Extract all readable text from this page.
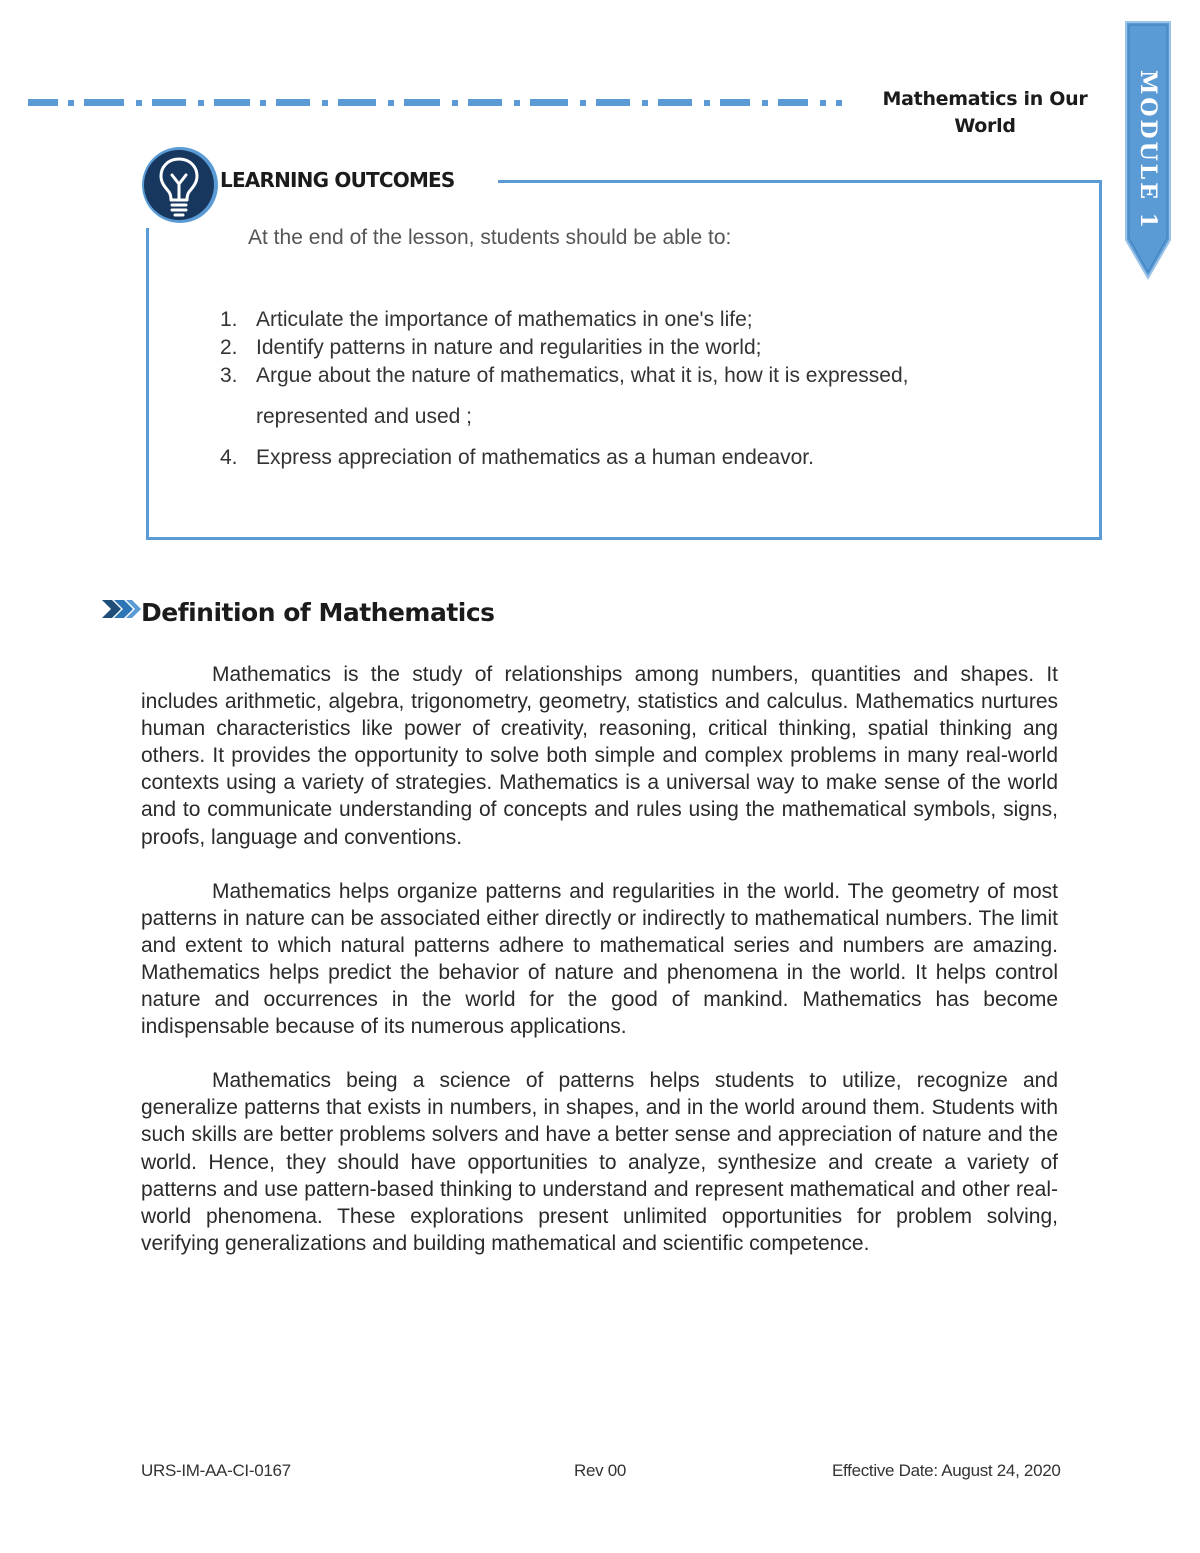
Mathematics in Our World	MODULE 1
LEARNING OUTCOMES
At the end of the lesson, students should be able to:
1. Articulate the importance of mathematics in one's life;
2. Identify patterns in nature and regularities in the world;
3. Argue about the nature of mathematics, what it is, how it is expressed, represented and used ;
4. Express appreciation of mathematics as a human endeavor.
Definition of Mathematics

Mathematics is the study of relationships among numbers, quantities and shapes. It includes arithmetic, algebra, trigonometry, geometry, statistics and calculus. Mathematics nurtures human characteristics like power of creativity, reasoning, critical thinking, spatial thinking ang others. It provides the opportunity to solve both simple and complex problems in many real-world contexts using a variety of strategies. Mathematics is a universal way to make sense of the world and to communicate understanding of concepts and rules using the mathematical symbols, signs, proofs, language and conventions.

Mathematics helps organize patterns and regularities in the world. The geometry of most patterns in nature can be associated either directly or indirectly to mathematical numbers. The limit and extent to which natural patterns adhere to mathematical series and numbers are amazing. Mathematics helps predict the behavior of nature and phenomena in the world. It helps control nature and occurrences in the world for the good of mankind. Mathematics has become indispensable because of its numerous applications.

Mathematics being a science of patterns helps students to utilize, recognize and generalize patterns that exists in numbers, in shapes, and in the world around them. Students with such skills are better problems solvers and have a better sense and appreciation of nature and the world. Hence, they should have opportunities to analyze, synthesize and create a variety of patterns and use pattern-based thinking to understand and represent mathematical and other real-world phenomena. These explorations present unlimited opportunities for problem solving, verifying generalizations and building mathematical and scientific competence.

URS-IM-AA-CI-0167	Rev 00	Effective Date: August 24, 2020
